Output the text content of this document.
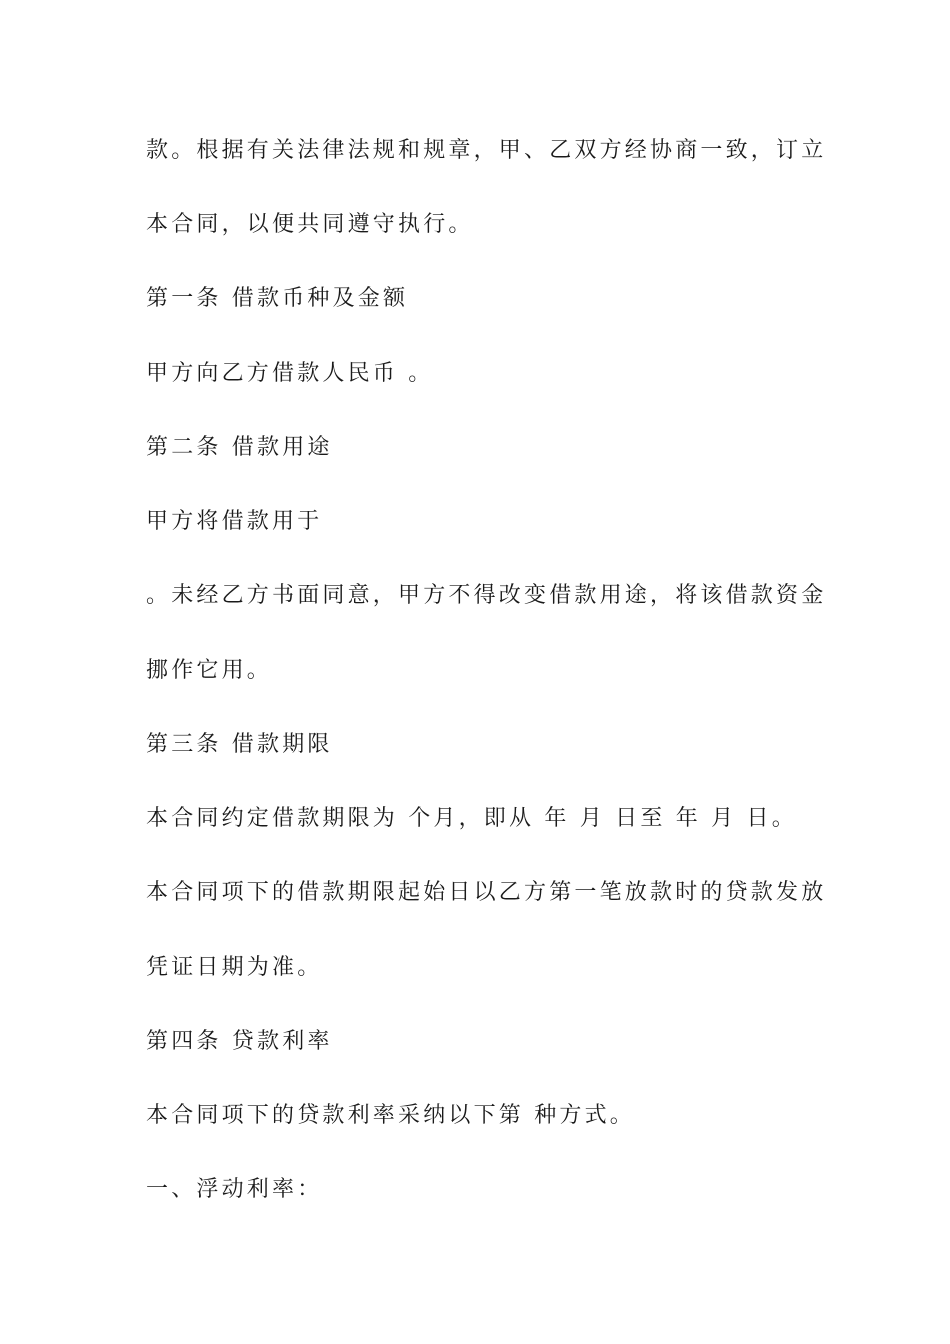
款。根据有关法律法规和规章，甲、乙双方经协商一致，订立
本合同，以便共同遵守执行。
第一条 借款币种及金额
甲方向乙方借款人民币 。
第二条 借款用途
甲方将借款用于
。未经乙方书面同意，甲方不得改变借款用途，将该借款资金
挪作它用。
第三条 借款期限
本合同约定借款期限为 个月，即从 年 月 日至 年 月 日。
本合同项下的借款期限起始日以乙方第一笔放款时的贷款发放
凭证日期为准。
第四条 贷款利率
本合同项下的贷款利率采纳以下第 种方式。
一、浮动利率：
